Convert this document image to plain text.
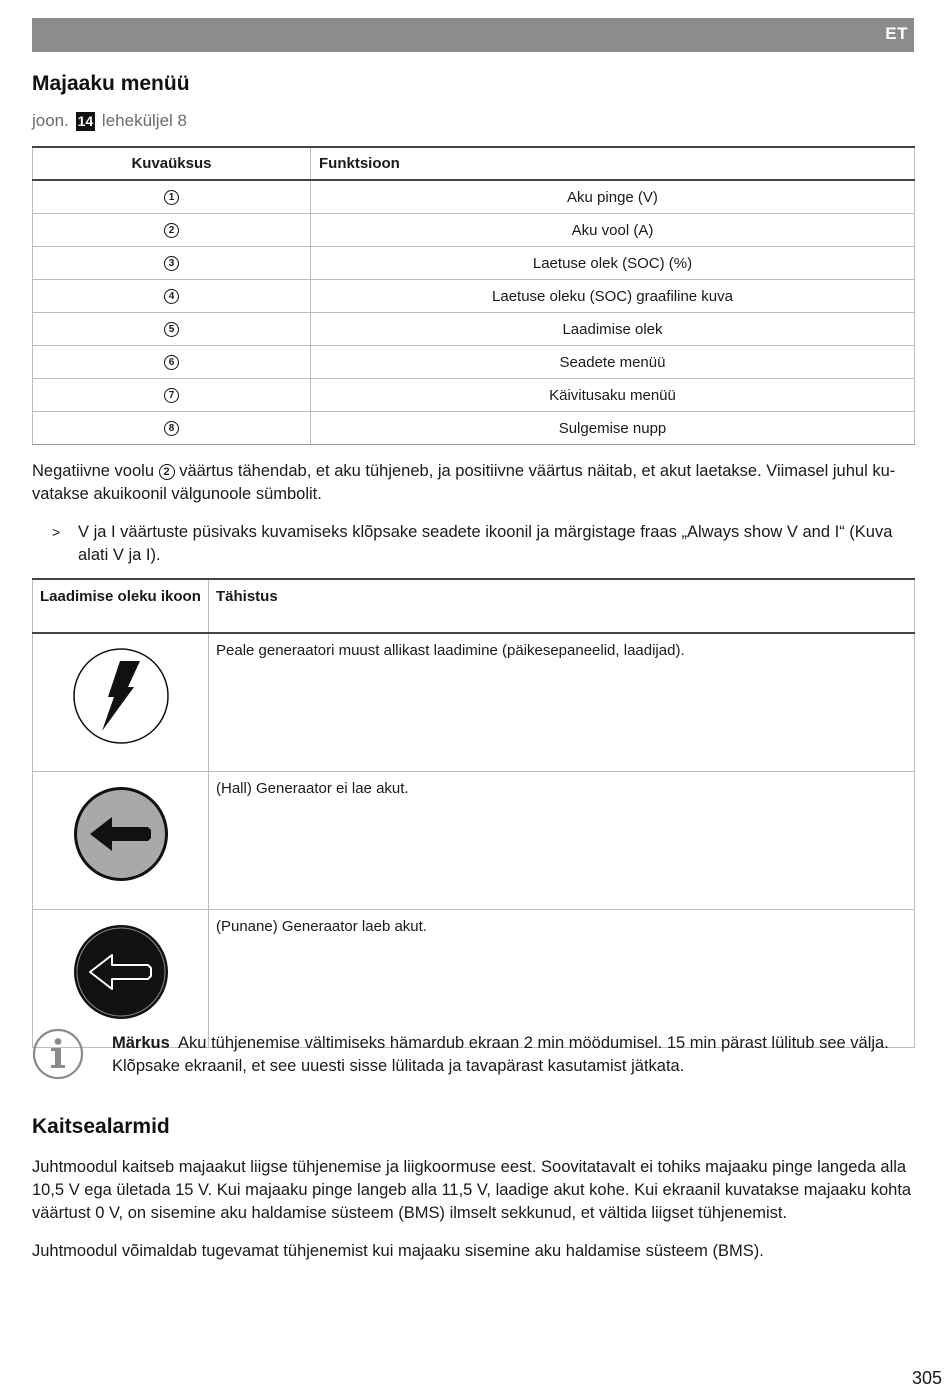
ET
Majaaku menüü
joon. 14 leheküljel 8
Kuvaüksus	Funktsioon
1	Aku pinge (V)
2	Aku vool (A)
3	Laetuse olek (SOC) (%)
4	Laetuse oleku (SOC) graafiline kuva
5	Laadimise olek
6	Seadete menüü
7	Käivitusaku menüü
8	Sulgemise nupp

Negatiivne voolu 2 väärtus tähendab, et aku tühjeneb, ja positiivne väärtus näitab, et akut laetakse. Viimasel juhul ku-vatakse akuikoonil välgunoole sümbolit.

> V ja I väärtuste püsivaks kuvamiseks klõpsake seadete ikoonil ja märgistage fraas „Always show V and I“ (Kuva alati V ja I).
Laadimise oleku ikoon	Tähistus

	Peale generaatori muust allikast laadimine (päikesepaneelid, laadijad).

	(Hall) Generaator ei lae akut.

	(Punane) Generaator laeb akut.
Märkus Aku tühjenemise vältimiseks hämardub ekraan 2 min möödumisel. 15 min pärast lülitub see välja. Klõpsake ekraanil, et see uuesti sisse lülitada ja tavapärast kasutamist jätkata.
Kaitsealarmid

Juhtmoodul kaitseb majaakut liigse tühjenemise ja liigkoormuse eest. Soovitatavalt ei tohiks majaaku pinge langeda alla 10,5 V ega ületada 15 V. Kui majaaku pinge langeb alla 11,5 V, laadige akut kohe. Kui ekraanil kuvatakse majaaku kohta väärtust 0 V, on sisemine aku haldamise süsteem (BMS) ilmselt sekkunud, et vältida liigset tühjenemist.

Juhtmoodul võimaldab tugevamat tühjenemist kui majaaku sisemine aku haldamise süsteem (BMS).

305
